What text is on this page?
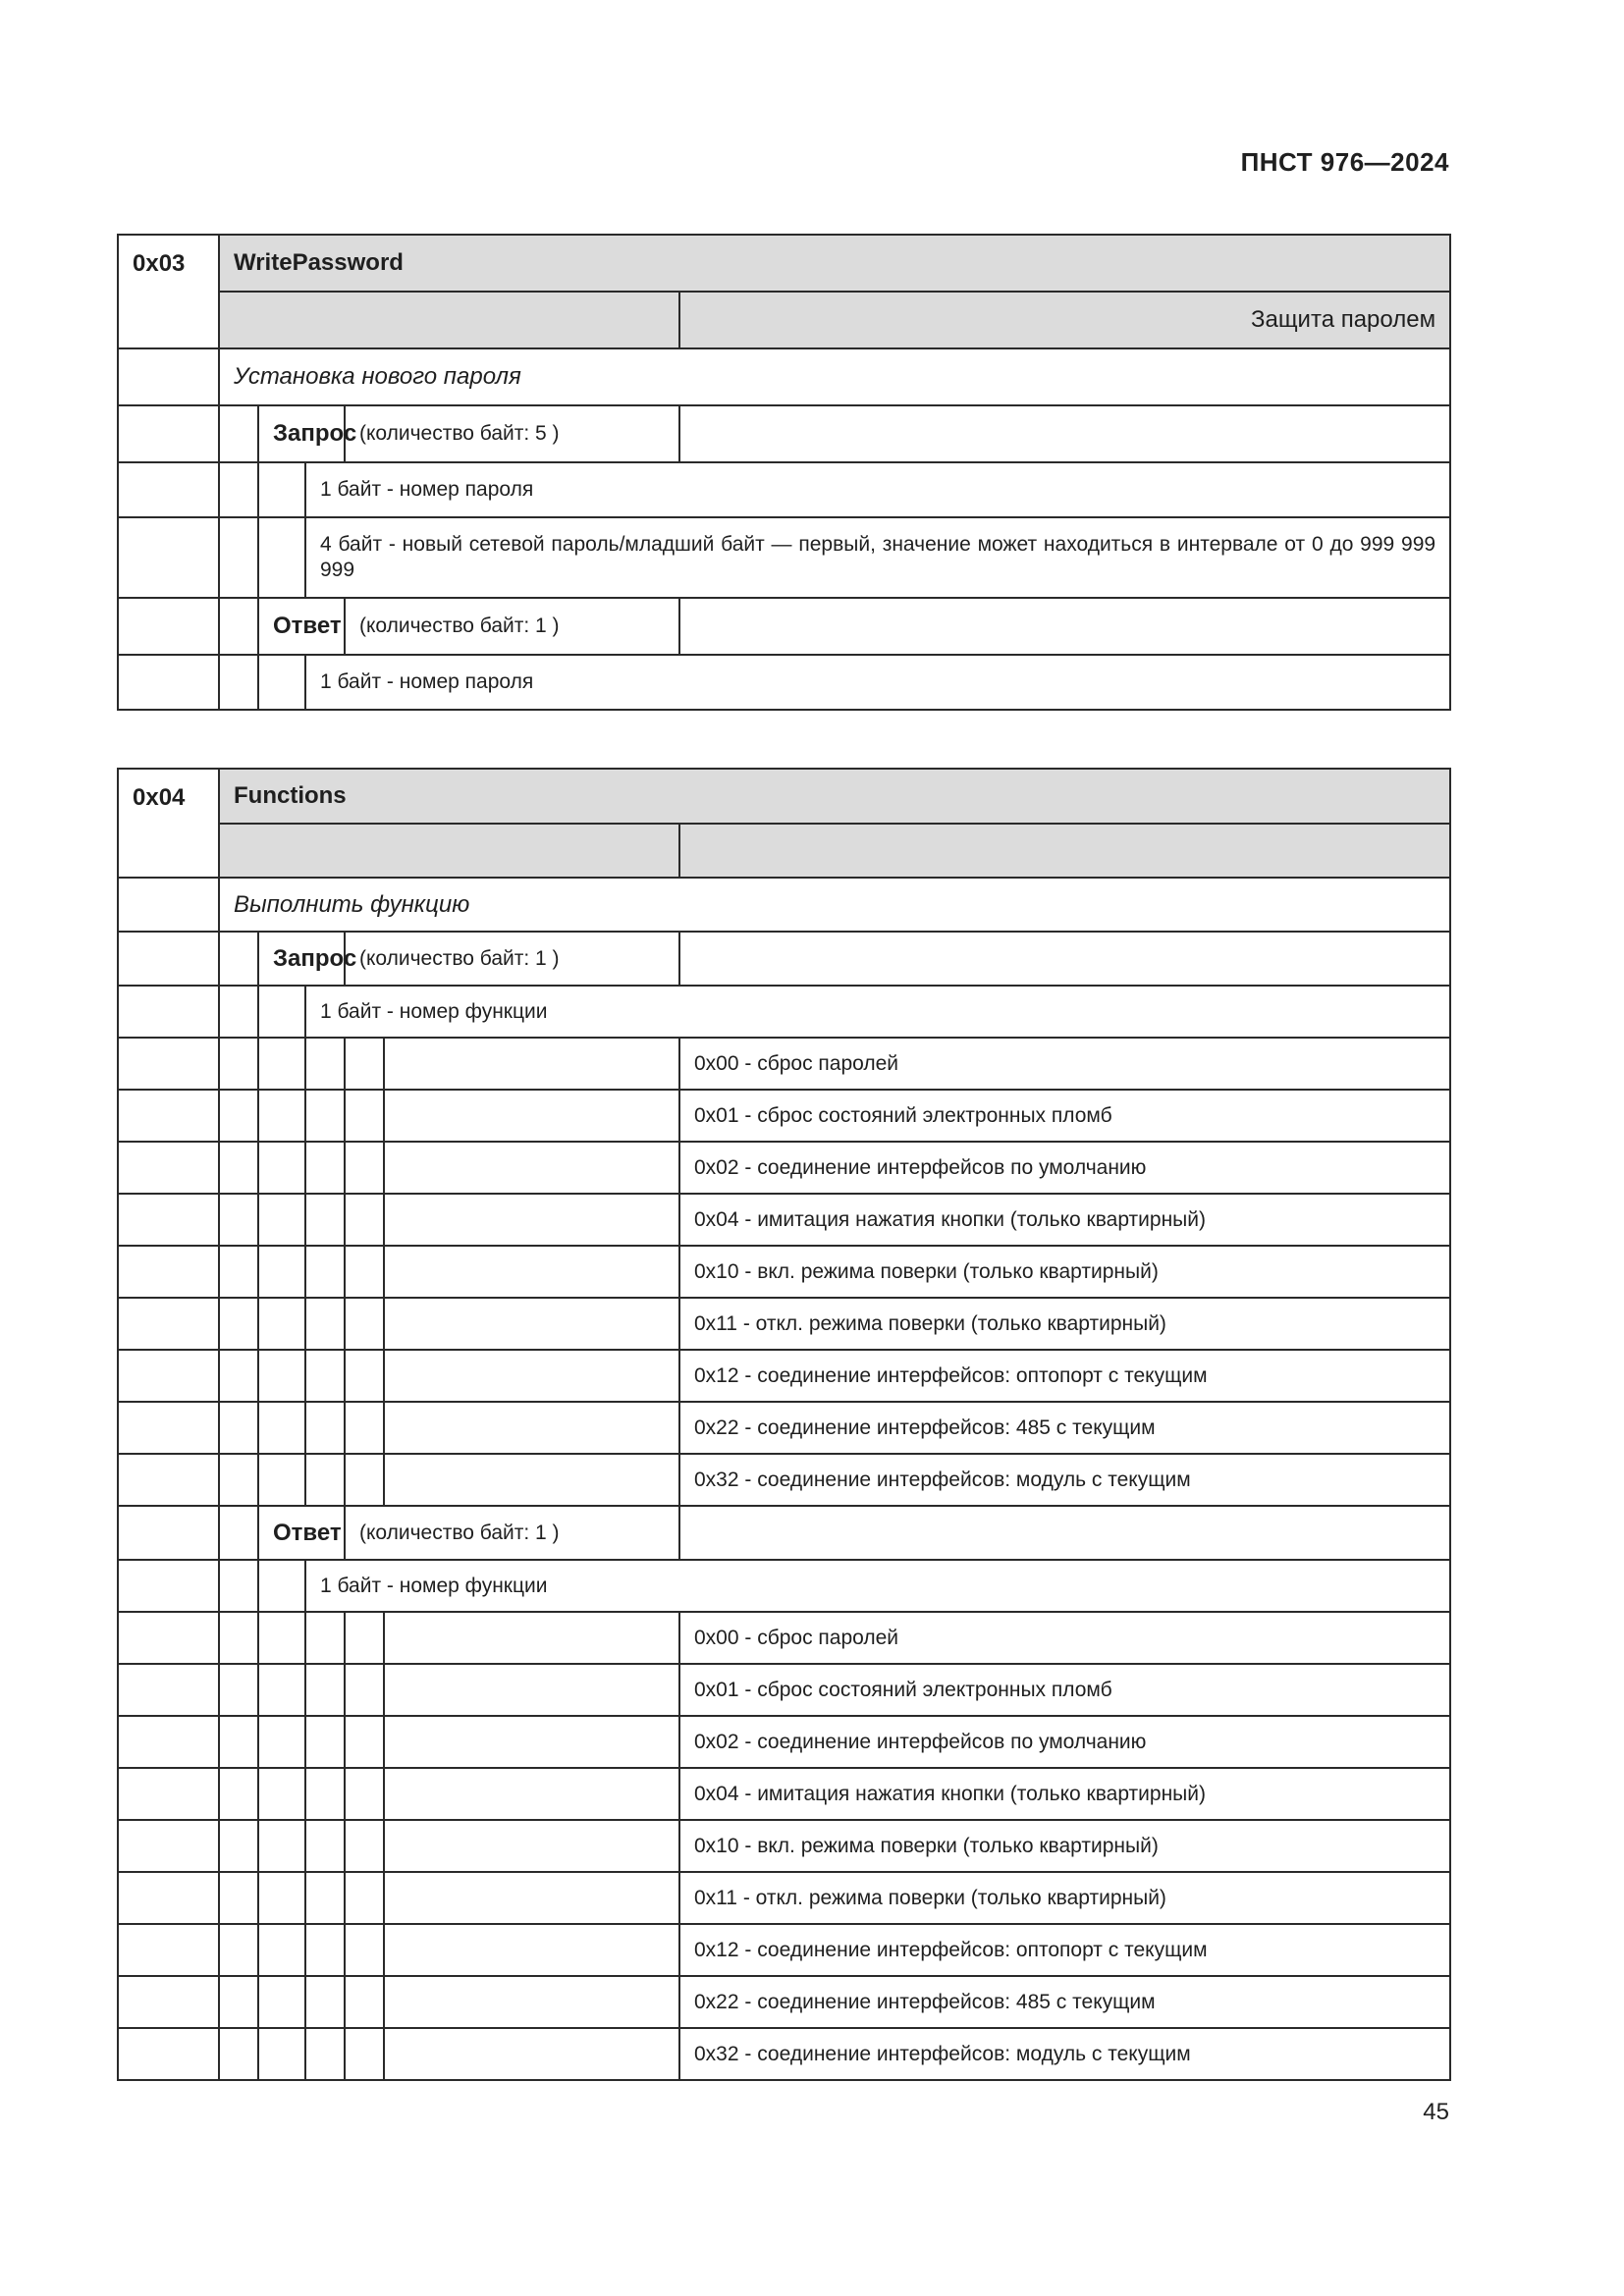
ПНСТ 976—2024
0x03	WritePassword				
					Защита паролем
	Установка нового пароля				
		Запрос		(количество байт: 5 )	
			1 байт - номер пароля		
			4 байт - новый сетевой пароль/младший байт — первый, значение может находиться в интервале от 0 до 999 999 999		
		Ответ		(количество байт: 1 )	
			1 байт - номер пароля		
0x04	Functions					

	Выполнить функцию					
		Запрос		(количество байт: 1 )		
			1 байт - номер функции			
						0x00 - сброс паролей
						0x01 - сброс состояний электронных пломб
						0x02 - соединение интерфейсов по умолчанию
						0x04 - имитация нажатия кнопки (только квартирный)
						0x10 - вкл. режима поверки (только квартирный)
						0x11 - откл. режима поверки (только квартирный)
						0x12 - соединение интерфейсов: оптопорт с текущим
						0x22 - соединение интерфейсов: 485 с текущим
						0x32 - соединение интерфейсов: модуль с текущим
		Ответ		(количество байт: 1 )		
			1 байт - номер функции			
						0x00 - сброс паролей
						0x01 - сброс состояний электронных пломб
						0x02 - соединение интерфейсов по умолчанию
						0x04 - имитация нажатия кнопки (только квартирный)
						0x10 - вкл. режима поверки (только квартирный)
						0x11 - откл. режима поверки (только квартирный)
						0x12 - соединение интерфейсов: оптопорт с текущим
						0x22 - соединение интерфейсов: 485 с текущим
						0x32 - соединение интерфейсов: модуль с текущим
45
